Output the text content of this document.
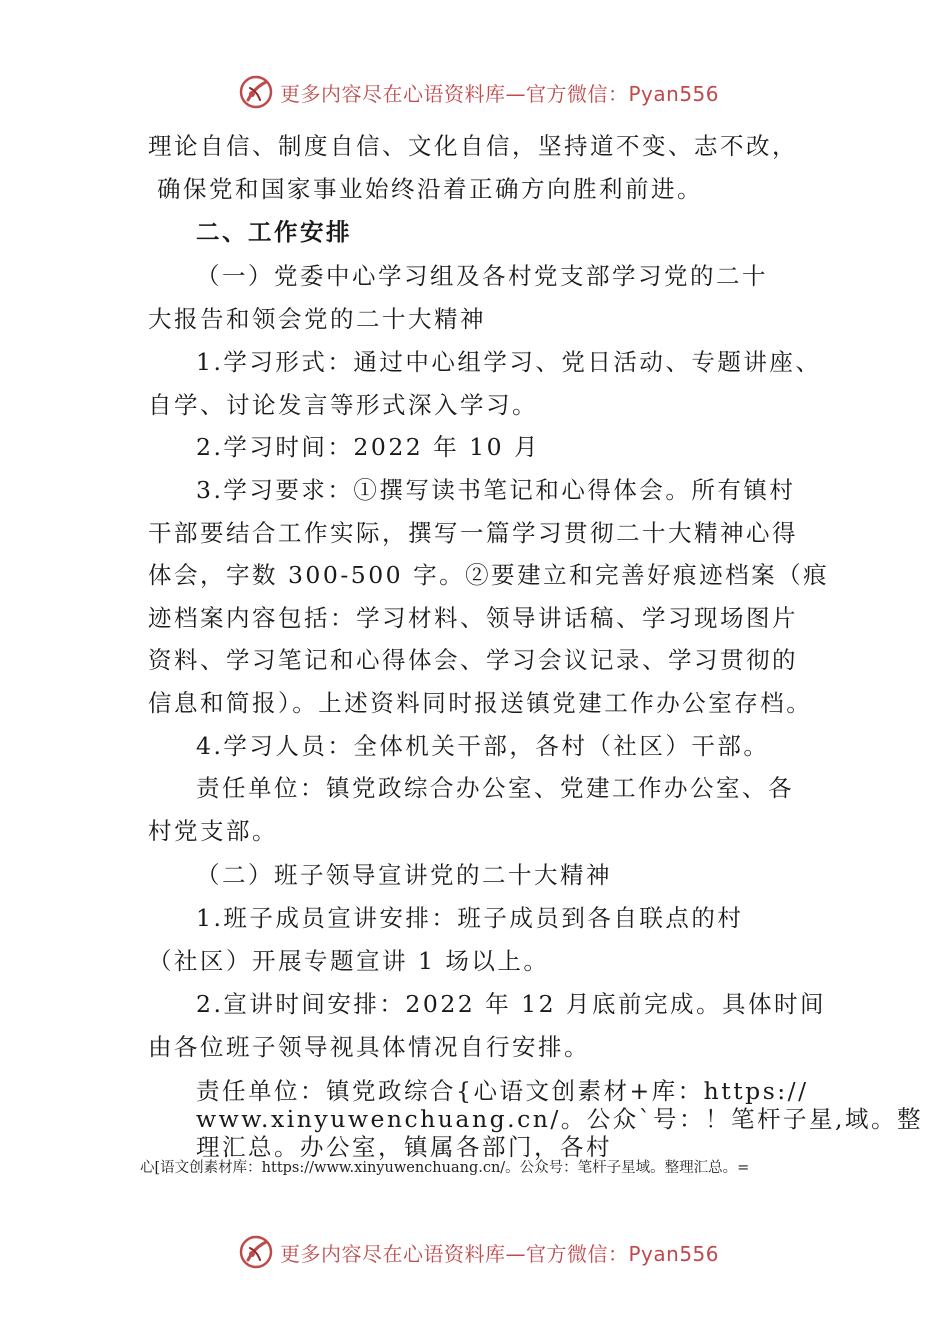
更多内容尽在心语资料库—官方微信：Pyan556
理论自信、制度自信、文化自信，坚持道不变、志不改，
确保党和国家事业始终沿着正确方向胜利前进。
二、工作安排
（一）党委中心学习组及各村党支部学习党的二十
大报告和领会党的二十大精神
1.学习形式：通过中心组学习、党日活动、专题讲座、
自学、讨论发言等形式深入学习。
2.学习时间：2022 年 10 月
3.学习要求：①撰写读书笔记和心得体会。所有镇村
干部要结合工作实际，撰写一篇学习贯彻二十大精神心得
体会，字数 300-500 字。②要建立和完善好痕迹档案（痕
迹档案内容包括：学习材料、领导讲话稿、学习现场图片
资料、学习笔记和心得体会、学习会议记录、学习贯彻的
信息和简报）。上述资料同时报送镇党建工作办公室存档。
4.学习人员：全体机关干部，各村（社区）干部。
责任单位：镇党政综合办公室、党建工作办公室、各
村党支部。
（二）班子领导宣讲党的二十大精神
1.班子成员宣讲安排：班子成员到各自联点的村
（社区）开展专题宣讲 1 场以上。
2.宣讲时间安排：2022 年 12 月底前完成。具体时间
由各位班子领导视具体情况自行安排。
责任单位：镇党政综合{心语文创素材+库：https://
www.xinyuwenchuang.cn/。公众`号：！笔杆子星,域。整
理汇总。办公室，镇属各部门，各村
心[语文创素材库：https://www.xinyuwenchuang.cn/。公众号：笔杆子星域。整理汇总。=
更多内容尽在心语资料库—官方微信：Pyan556
